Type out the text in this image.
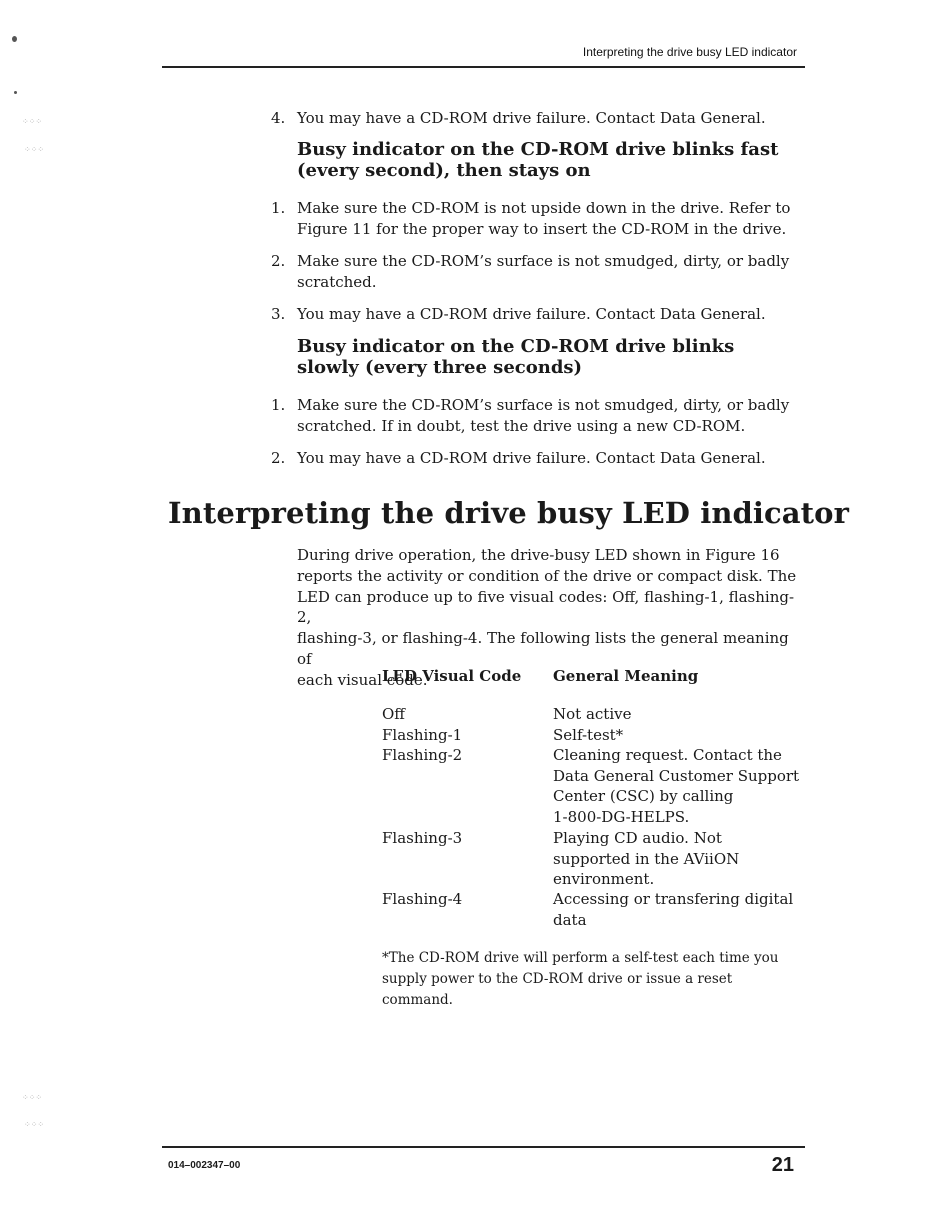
⁘⁘⁘
⁘⁘⁘
⁘⁘⁘
⁘⁘⁘
Interpreting the drive busy LED indicator
4. You may have a CD-ROM drive failure. Contact Data General.
Busy indicator on the CD-ROM drive blinks fast
(every second), then stays on
1. Make sure the CD-ROM is not upside down in the drive. Refer to
Figure 11 for the proper way to insert the CD-ROM in the drive.
2. Make sure the CD-ROM’s surface is not smudged, dirty, or badly
scratched.
3. You may have a CD-ROM drive failure. Contact Data General.
Busy indicator on the CD-ROM drive blinks
slowly (every three seconds)
1. Make sure the CD-ROM’s surface is not smudged, dirty, or badly
scratched. If in doubt, test the drive using a new CD-ROM.
2. You may have a CD-ROM drive failure. Contact Data General.
Interpreting the drive busy LED indicator
During drive operation, the drive-busy LED shown in Figure 16
reports the activity or condition of the drive or compact disk. The
LED can produce up to five visual codes: Off, flashing-1, flashing-2,
flashing-3, or flashing-4. The following lists the general meaning of
each visual code.
LED Visual Code General Meaning
Off	Not active
Flashing-1	Self-test*
Flashing-2	Cleaning request. Contact the
Data General Customer Support
Center (CSC) by calling
1-800-DG-HELPS.
Flashing-3	Playing CD audio. Not
supported in the AViiON
environment.
Flashing-4	Accessing or transfering digital
data
*The CD-ROM drive will perform a self-test each time you
supply power to the CD-ROM drive or issue a reset command.
014–002347–00	21
